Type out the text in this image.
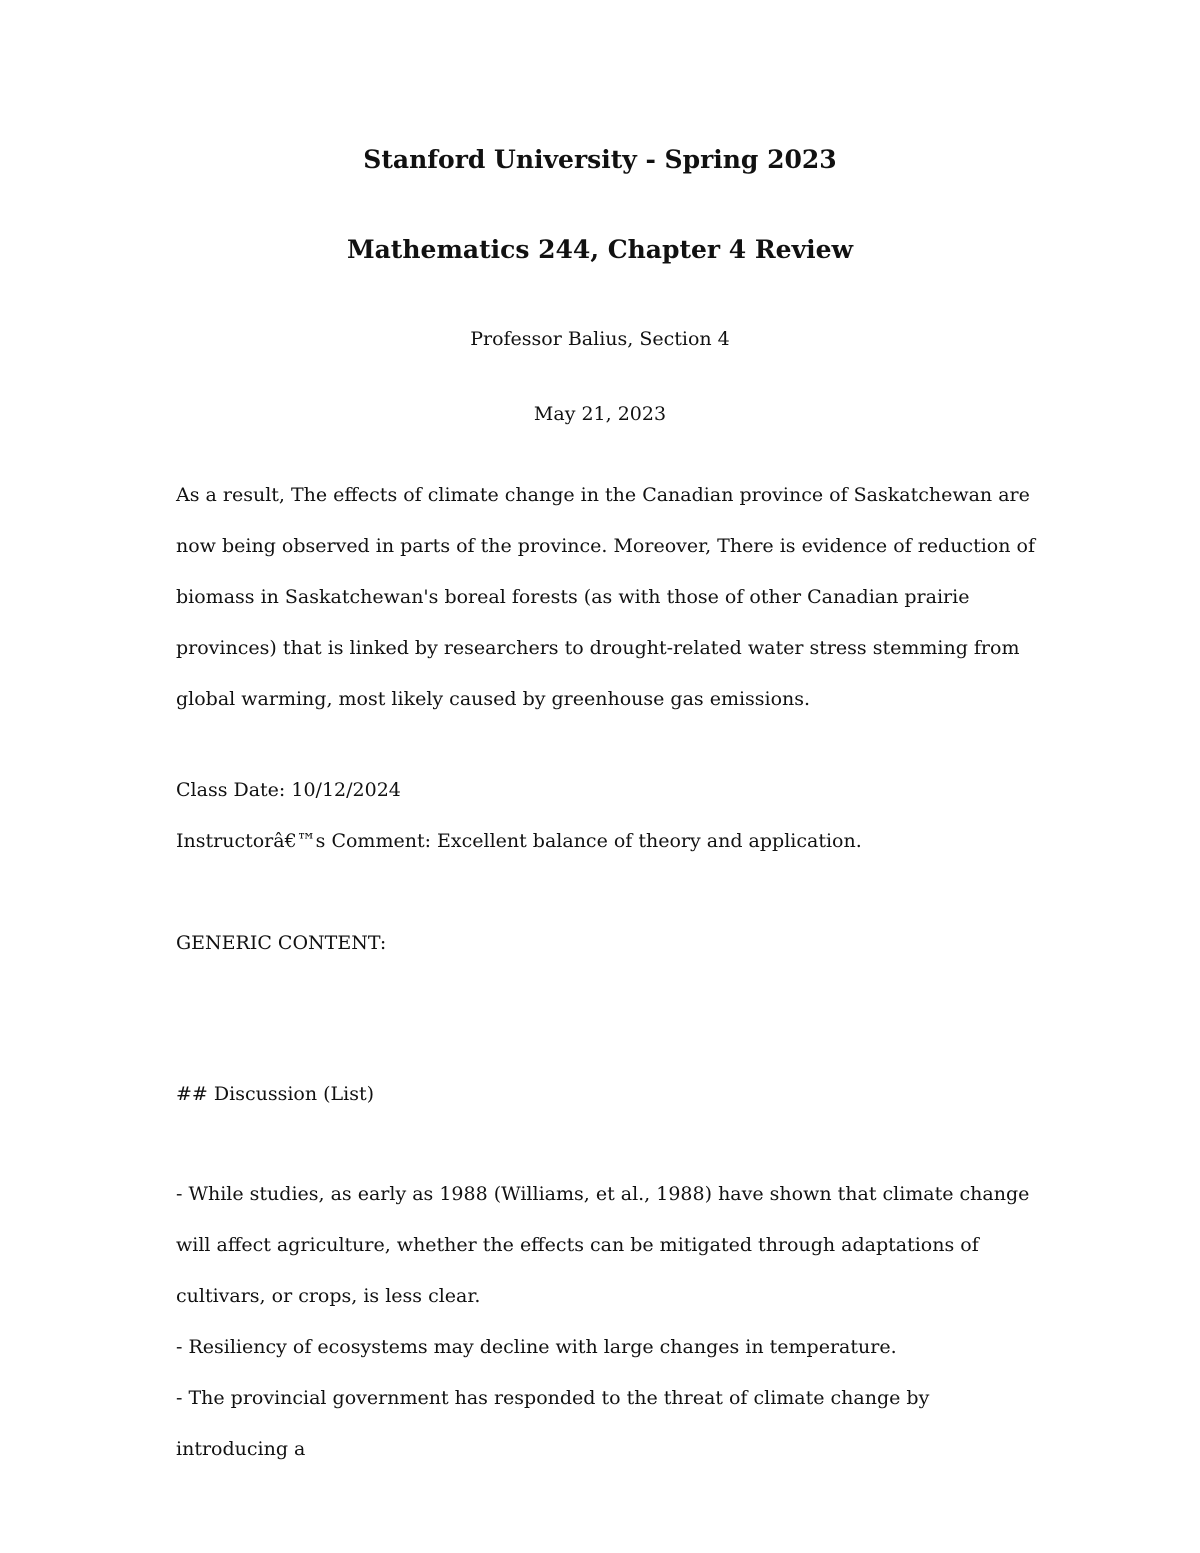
Stanford University - Spring 2023
Mathematics 244, Chapter 4 Review

Professor Balius, Section 4

May 21, 2023

As a result, The effects of climate change in the Canadian province of Saskatchewan are now being observed in parts of the province. Moreover, There is evidence of reduction of biomass in Saskatchewan's boreal forests (as with those of other Canadian prairie provinces) that is linked by researchers to drought-related water stress stemming from global warming, most likely caused by greenhouse gas emissions.

Class Date: 10/12/2024

Instructorâ€™s Comment: Excellent balance of theory and application.

GENERIC CONTENT:

## Discussion (List)

- While studies, as early as 1988 (Williams, et al., 1988) have shown that climate change will affect agriculture, whether the effects can be mitigated through adaptations of cultivars, or crops, is less clear.
- Resiliency of ecosystems may decline with large changes in temperature.
- The provincial government has responded to the threat of climate change by introducing a
